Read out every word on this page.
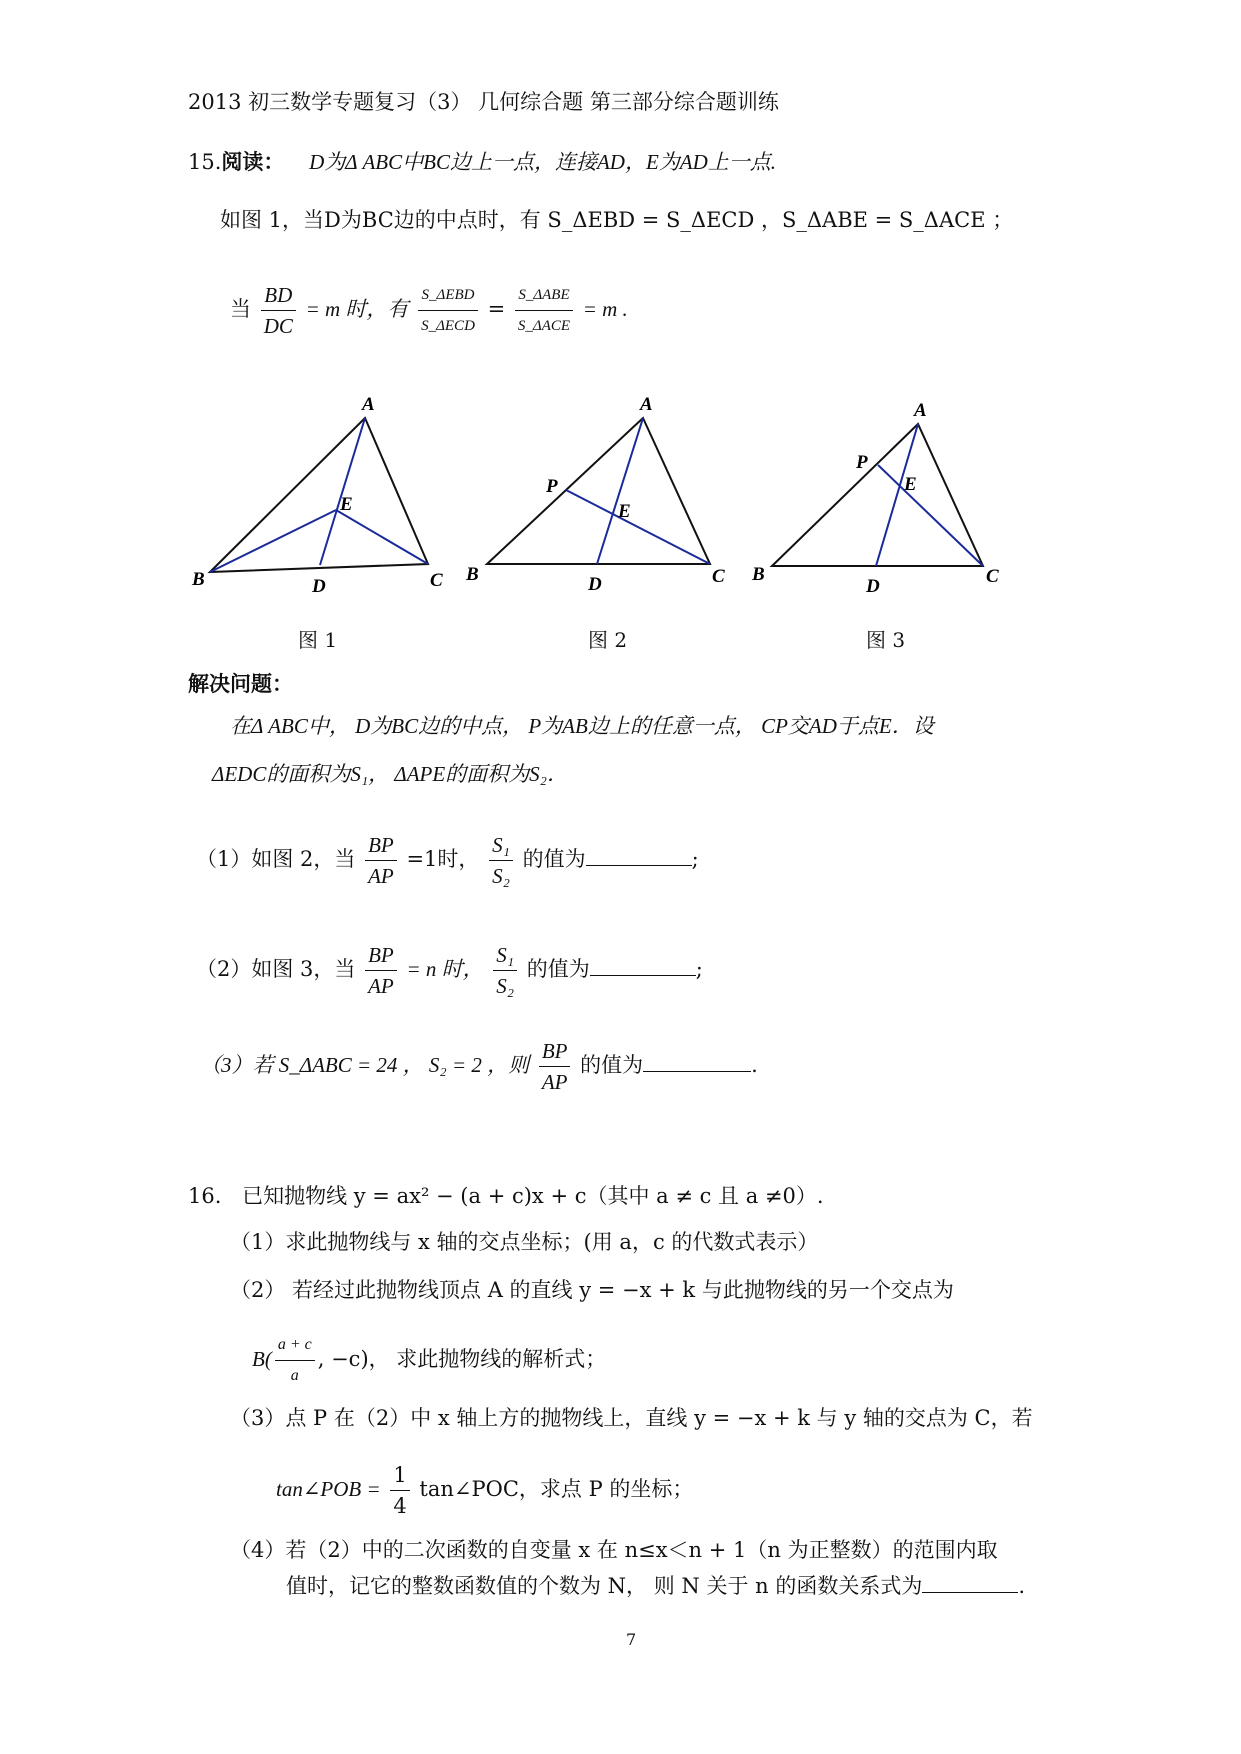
2013 初三数学专题复习（3） 几何综合题 第三部分综合题训练
15.阅读： D为Δ ABC中BC边上一点，连接AD，E为AD上一点.
如图 1，当D为BC边的中点时，有 S_ΔEBD = S_ΔECD ，S_ΔABE = S_ΔACE ；
当 $\frac{BD}{DC} = m$ 时，有 $\frac{\text{S\_ΔEBD}}{\text{S\_ΔECD}} = \frac{\text{S\_ΔABE}}{\text{S\_ΔACE}} = m$ .
A
E
B	D	C
A
P
E
B	D	C
A
P
E
B
D	C
图 1	图 2	图 3
解决问题：
在Δ ABC中， D为BC边的中点， P为AB边上的任意一点， CP交AD于点E．设
ΔEDC的面积为S₁， ΔAPE的面积为S₂．
（1）如图 2，当 $\frac{BP}{AP} =1$时， $\frac{\text{S₁}}{\text{S₂}}$ 的值为	;
（2）如图 3，当 $\frac{BP}{AP} = n$ 时， $\frac{\text{S₁}}{\text{S₂}}$ 的值为	;
（3）若 S_ΔABC = 24 ， S₂ = 2 ，则 $\frac{BP}{AP}$ 的值为	.
16. 已知抛物线 y = ax² − (a + c)x + c（其中 a ≠ c 且 a ≠0）.
（1）求此抛物线与 x 轴的交点坐标；(用 a，c 的代数式表示）
（2） 若经过此抛物线顶点 A 的直线 y = −x + k 与此抛物线的另一个交点为
$B( \frac{a + c}{a}$ , −c)， 求此抛物线的解析式；
（3）点 P 在（2）中 x 轴上方的抛物线上，直线 y = −x + k 与 y 轴的交点为 C，若
tan∠POB = $\frac{1}{4}$ tan∠POC，求点 P 的坐标；
（4）若（2）中的二次函数的自变量 x 在 n≤x＜n + 1（n 为正整数）的范围内取
值时，记它的整数函数值的个数为 N， 则 N 关于 n 的函数关系式为	.
7
